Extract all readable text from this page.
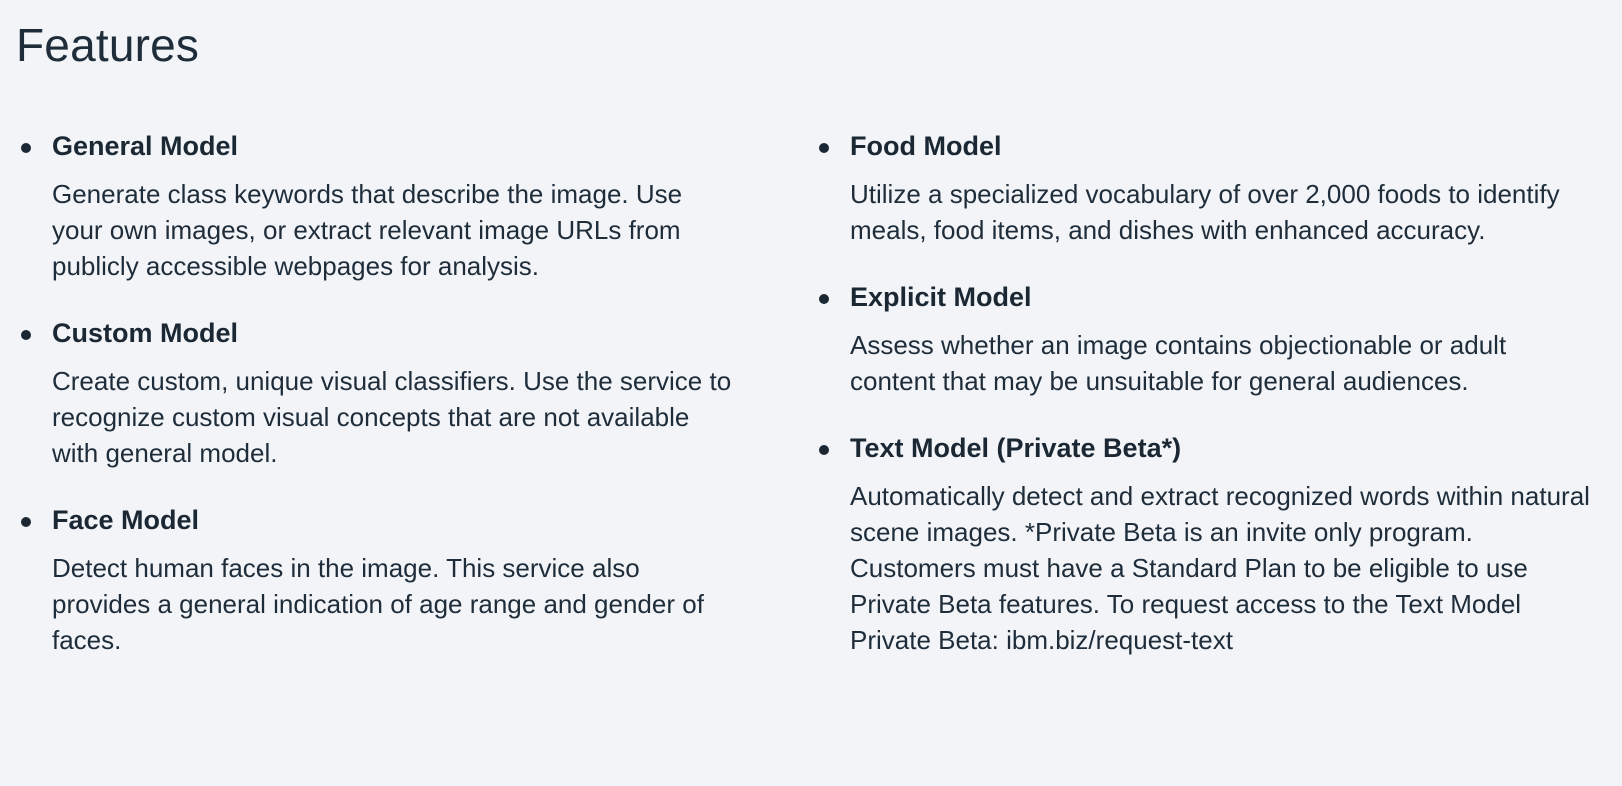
Features
General Model

Generate class keywords that describe the image. Use your own images, or extract relevant image URLs from publicly accessible webpages for analysis.

Custom Model

Create custom, unique visual classifiers. Use the service to recognize custom visual concepts that are not available with general model.

Face Model

Detect human faces in the image. This service also provides a general indication of age range and gender of faces.

Food Model

Utilize a specialized vocabulary of over 2,000 foods to identify meals, food items, and dishes with enhanced accuracy.

Explicit Model

Assess whether an image contains objectionable or adult content that may be unsuitable for general audiences.

Text Model (Private Beta*)

Automatically detect and extract recognized words within natural scene images. *Private Beta is an invite only program. Customers must have a Standard Plan to be eligible to use Private Beta features. To request access to the Text Model Private Beta: ibm.biz/request-text
